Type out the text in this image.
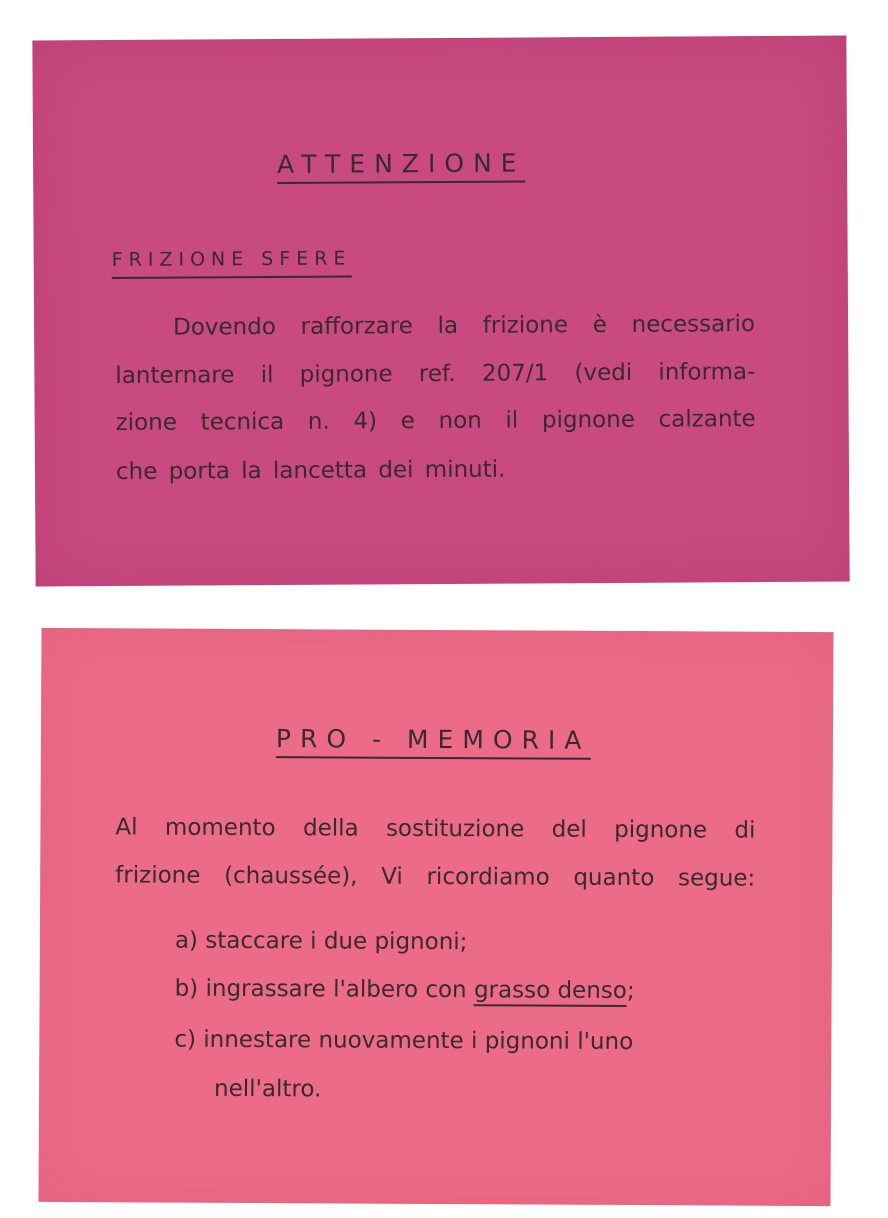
ATTENZIONE
FRIZIONE SFERE
Dovendo rafforzare la frizione è necessario
lanternare il pignone ref. 207/1 (vedi informa-
zione tecnica n. 4) e non il pignone calzante
che porta la lancetta dei minuti.
PRO - MEMORIA
Al momento della sostituzione del pignone di
frizione (chaussée), Vi ricordiamo quanto segue:
a) staccare i due pignoni;
b) ingrassare l'albero con grasso denso;
c) innestare nuovamente i pignoni l'uno
nell'altro.
